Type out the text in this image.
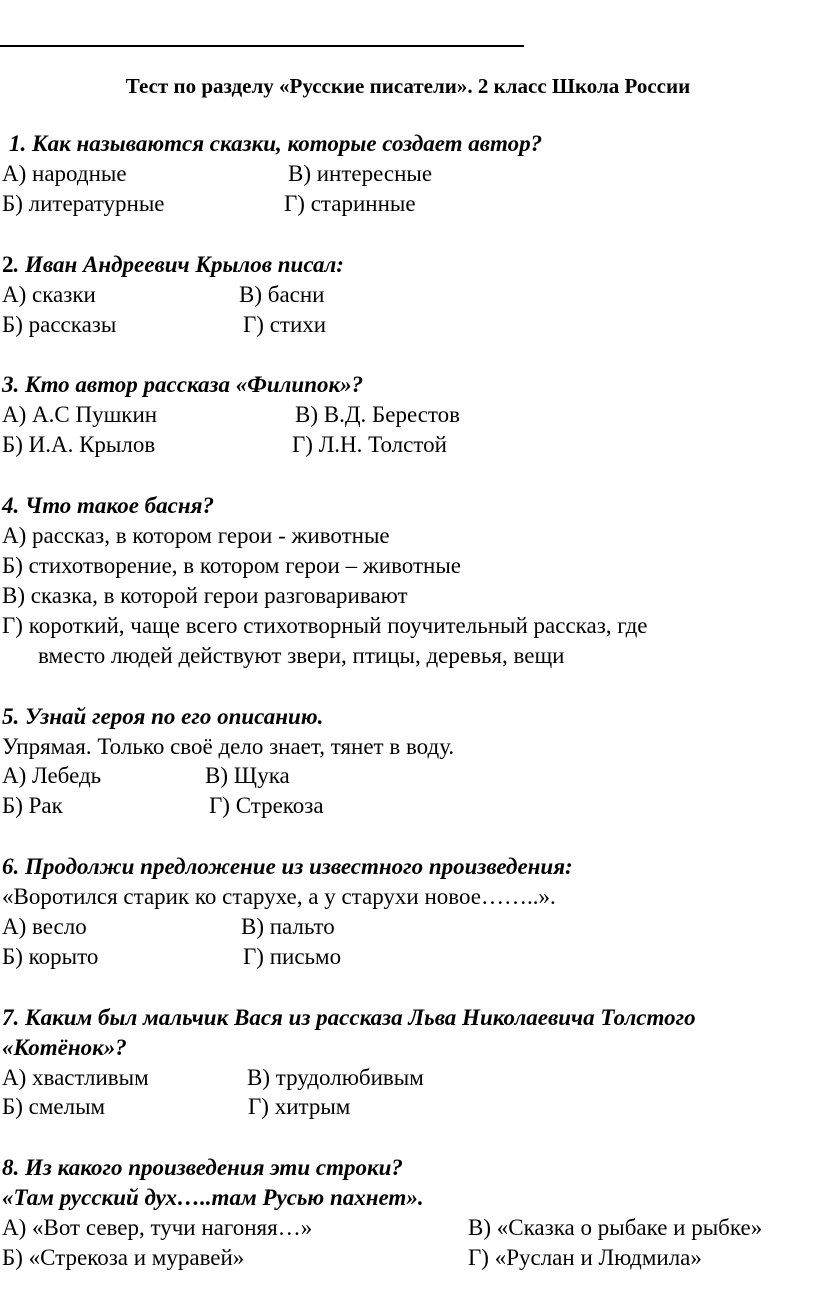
Тест по разделу «Русские писатели». 2 класс Школа России
1. Как называются сказки, которые создает автор?
А) народные	В) интересные
Б) литературные	Г) старинные
2. Иван Андреевич Крылов писал:
А) сказки	В) басни
Б) рассказы	Г) стихи
3. Кто автор рассказа «Филипок»?
А) А.С Пушкин	В) В.Д. Берестов
Б) И.А. Крылов	Г) Л.Н. Толстой
4. Что такое басня?
А) рассказ, в котором герои - животные
Б) стихотворение, в котором герои – животные
В) сказка, в которой герои разговаривают
Г) короткий, чаще всего стихотворный поучительный рассказ, где
вместо людей действуют звери, птицы, деревья, вещи
5. Узнай героя по его описанию.
Упрямая. Только своё дело знает, тянет в воду.
А) Лебедь	В) Щука
Б) Рак	Г) Стрекоза
6. Продолжи предложение из известного произведения:
«Воротился старик ко старухе, а у старухи новое……..».
А) весло	В) пальто
Б) корыто	Г) письмо
7. Каким был мальчик Вася из рассказа Льва Николаевича Толстого
«Котёнок»?
А) хвастливым	В) трудолюбивым
Б) смелым	Г) хитрым
8. Из какого произведения эти строки?
«Там русский дух…..там Русью пахнет».
А) «Вот север, тучи нагоняя…»	В) «Сказка о рыбаке и рыбке»
Б) «Стрекоза и муравей»	Г) «Руслан и Людмила»
